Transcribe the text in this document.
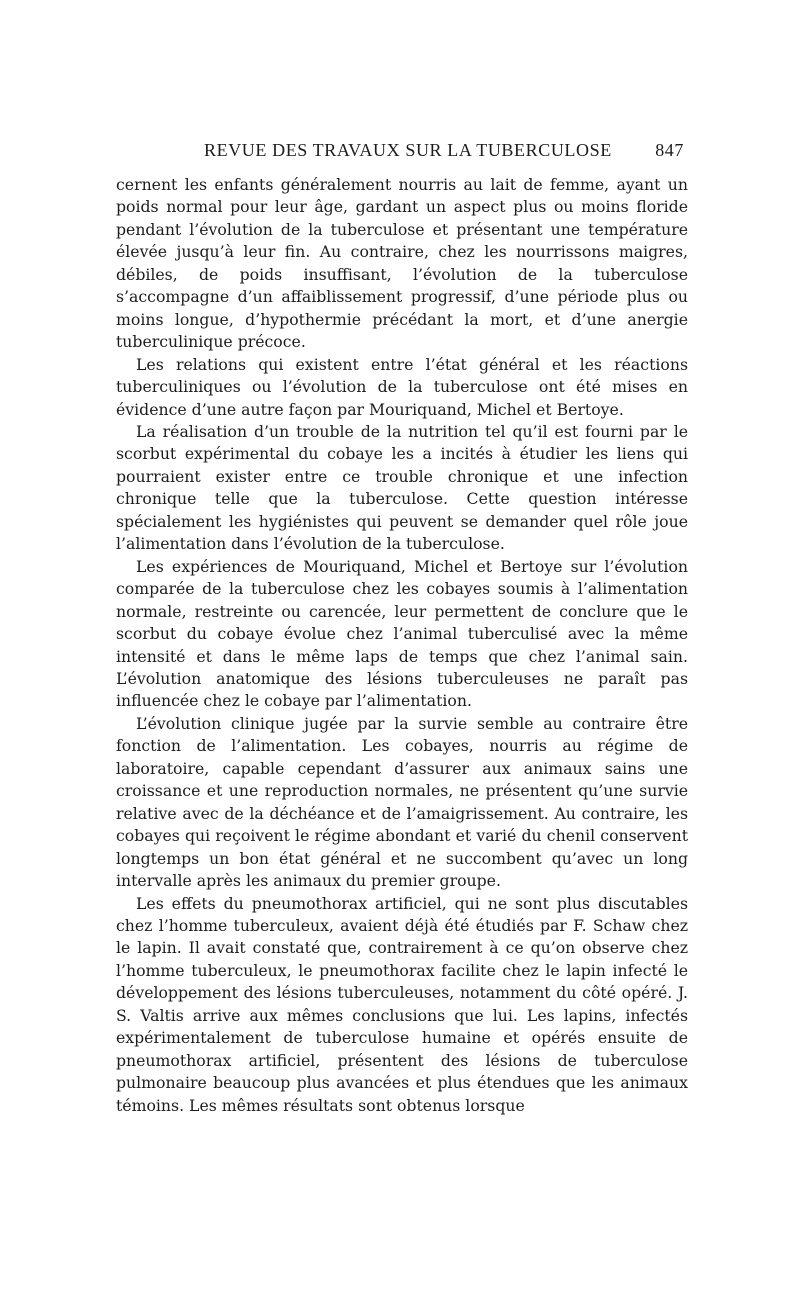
REVUE DES TRAVAUX SUR LA TUBERCULOSE 847

cernent les enfants généralement nourris au lait de femme, ayant un poids normal pour leur âge, gardant un aspect plus ou moins floride pendant l’évolution de la tuberculose et présentant une température élevée jusqu’à leur fin. Au contraire, chez les nourrissons maigres, débiles, de poids insuffisant, l’évolution de la tuberculose s’accompagne d’un affaiblissement progressif, d’une période plus ou moins longue, d’hypothermie précédant la mort, et d’une anergie tuberculinique précoce.

Les relations qui existent entre l’état général et les réactions tuberculiniques ou l’évolution de la tuberculose ont été mises en évidence d’une autre façon par Mouriquand, Michel et Bertoye.

La réalisation d’un trouble de la nutrition tel qu’il est fourni par le scorbut expérimental du cobaye les a incités à étudier les liens qui pourraient exister entre ce trouble chronique et une infection chronique telle que la tuberculose. Cette question intéresse spécialement les hygiénistes qui peuvent se demander quel rôle joue l’alimentation dans l’évolution de la tuberculose.

Les expériences de Mouriquand, Michel et Bertoye sur l’évolution comparée de la tuberculose chez les cobayes soumis à l’alimentation normale, restreinte ou carencée, leur permettent de conclure que le scorbut du cobaye évolue chez l’animal tuberculisé avec la même intensité et dans le même laps de temps que chez l’animal sain. L’évolution anatomique des lésions tuberculeuses ne paraît pas influencée chez le cobaye par l’alimentation.

L’évolution clinique jugée par la survie semble au contraire être fonction de l’alimentation. Les cobayes, nourris au régime de laboratoire, capable cependant d’assurer aux animaux sains une croissance et une reproduction normales, ne présentent qu’une survie relative avec de la déchéance et de l’amaigrissement. Au contraire, les cobayes qui reçoivent le régime abondant et varié du chenil conservent longtemps un bon état général et ne succombent qu’avec un long intervalle après les animaux du premier groupe.

Les effets du pneumothorax artificiel, qui ne sont plus discutables chez l’homme tuberculeux, avaient déjà été étudiés par F. Schaw chez le lapin. Il avait constaté que, contrairement à ce qu’on observe chez l’homme tuberculeux, le pneumothorax facilite chez le lapin infecté le développement des lésions tuberculeuses, notamment du côté opéré. J. S. Valtis arrive aux mêmes conclusions que lui. Les lapins, infectés expérimentalement de tuberculose humaine et opérés ensuite de pneumothorax artificiel, présentent des lésions de tuberculose pulmonaire beaucoup plus avancées et plus étendues que les animaux témoins. Les mêmes résultats sont obtenus lorsque
